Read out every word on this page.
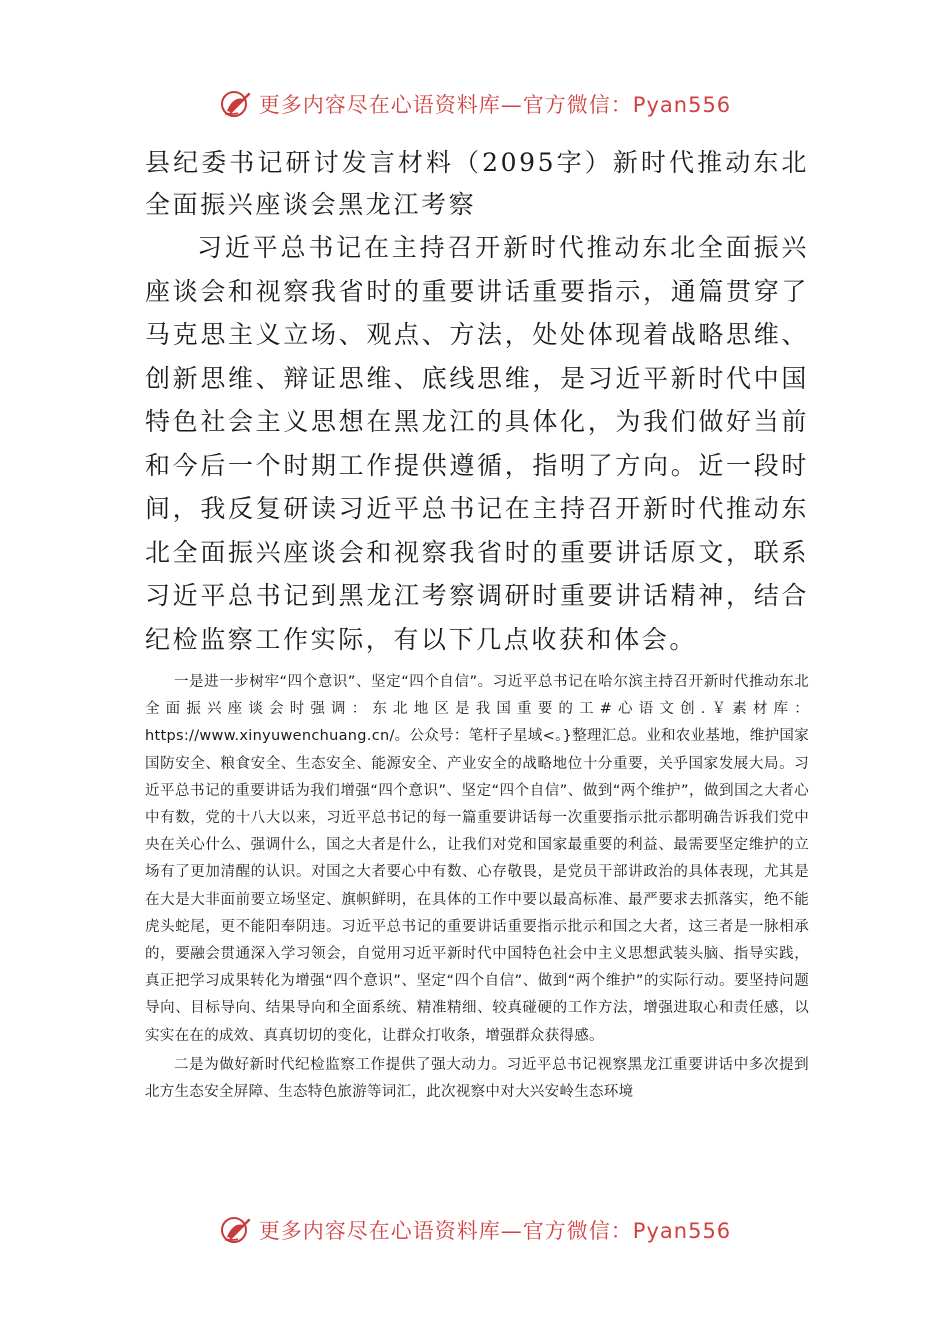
更多内容尽在心语资料库—官方微信：Pyan556
县纪委书记研讨发言材料（2095字）新时代推动东北全面振兴座谈会黑龙江考察

习近平总书记在主持召开新时代推动东北全面振兴座谈会和视察我省时的重要讲话重要指示，通篇贯穿了马克思主义立场、观点、方法，处处体现着战略思维、创新思维、辩证思维、底线思维，是习近平新时代中国特色社会主义思想在黑龙江的具体化，为我们做好当前和今后一个时期工作提供遵循，指明了方向。近一段时间，我反复研读习近平总书记在主持召开新时代推动东北全面振兴座谈会和视察我省时的重要讲话原文，联系习近平总书记到黑龙江考察调研时重要讲话精神，结合纪检监察工作实际，有以下几点收获和体会。

一是进一步树牢“四个意识”、坚定“四个自信”。习近平总书记在哈尔滨主持召开新时代推动东北全面振兴座谈会时强调：东北地区是我国重要的工#心语文创.￥素材库：https://www.xinyuwenchuang.cn/。公众号：笔杆子星域<。}整理汇总。业和农业基地，维护国家国防安全、粮食安全、生态安全、能源安全、产业安全的战略地位十分重要，关乎国家发展大局。习近平总书记的重要讲话为我们增强“四个意识”、坚定“四个自信”、做到“两个维护”，做到国之大者心中有数，党的十八大以来，习近平总书记的每一篇重要讲话每一次重要指示批示都明确告诉我们党中央在关心什么、强调什么，国之大者是什么，让我们对党和国家最重要的利益、最需要坚定维护的立场有了更加清醒的认识。对国之大者要心中有数、心存敬畏，是党员干部讲政治的具体表现，尤其是在大是大非面前要立场坚定、旗帜鲜明，在具体的工作中要以最高标准、最严要求去抓落实，绝不能虎头蛇尾，更不能阳奉阴违。习近平总书记的重要讲话重要指示批示和国之大者，这三者是一脉相承的，要融会贯通深入学习领会，自觉用习近平新时代中国特色社会中主义思想武装头脑、指导实践，真正把学习成果转化为增强“四个意识”、坚定“四个自信”、做到“两个维护”的实际行动。要坚持问题导向、目标导向、结果导向和全面系统、精准精细、较真碰硬的工作方法，增强进取心和责任感，以实实在在的成效、真真切切的变化，让群众打收条，增强群众获得感。

二是为做好新时代纪检监察工作提供了强大动力。习近平总书记视察黑龙江重要讲话中多次提到北方生态安全屏障、生态特色旅游等词汇，此次视察中对大兴安岭生态环境

更多内容尽在心语资料库—官方微信：Pyan556
